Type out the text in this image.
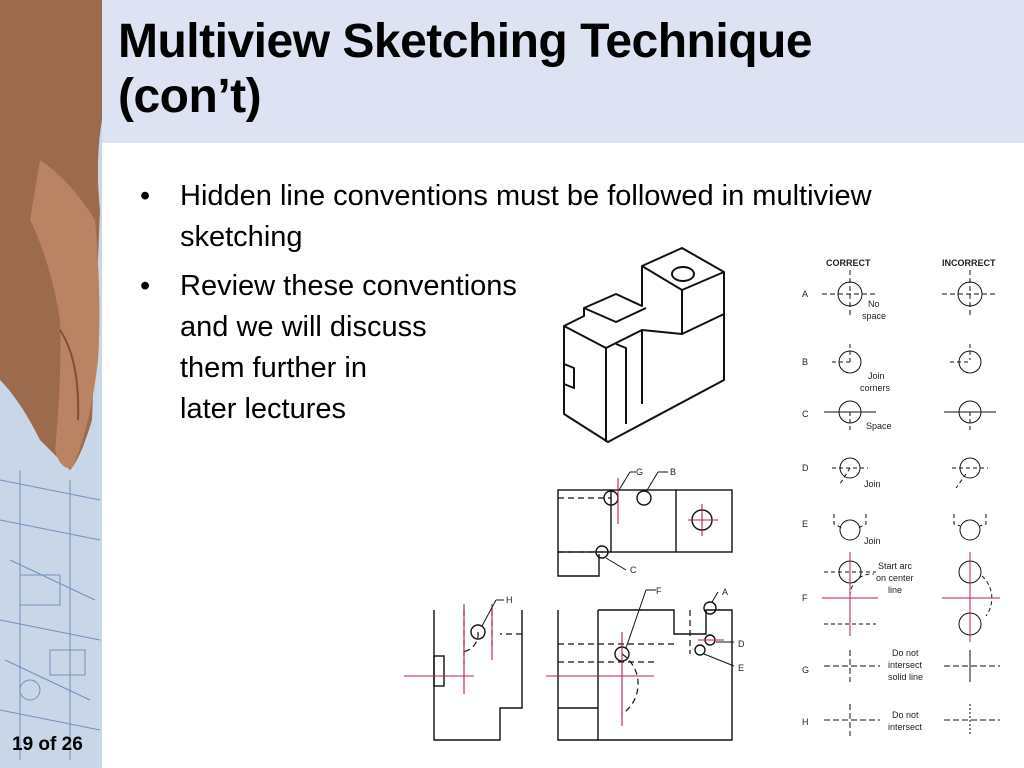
Multiview Sketching Technique
(con’t)
• Hidden line conventions must be followed in multiview
sketching
• Review these conventions
and we will discuss
them further in
later lectures
G	B
C
F	A
D
E
H
CORRECT	INCORRECT
A
No
space
B
Join
corners
C
Space
D
Join
E
Join
F
Start arc
on center
line
G
Do not
intersect
solid line
H
Do not
intersect
19 of 26
